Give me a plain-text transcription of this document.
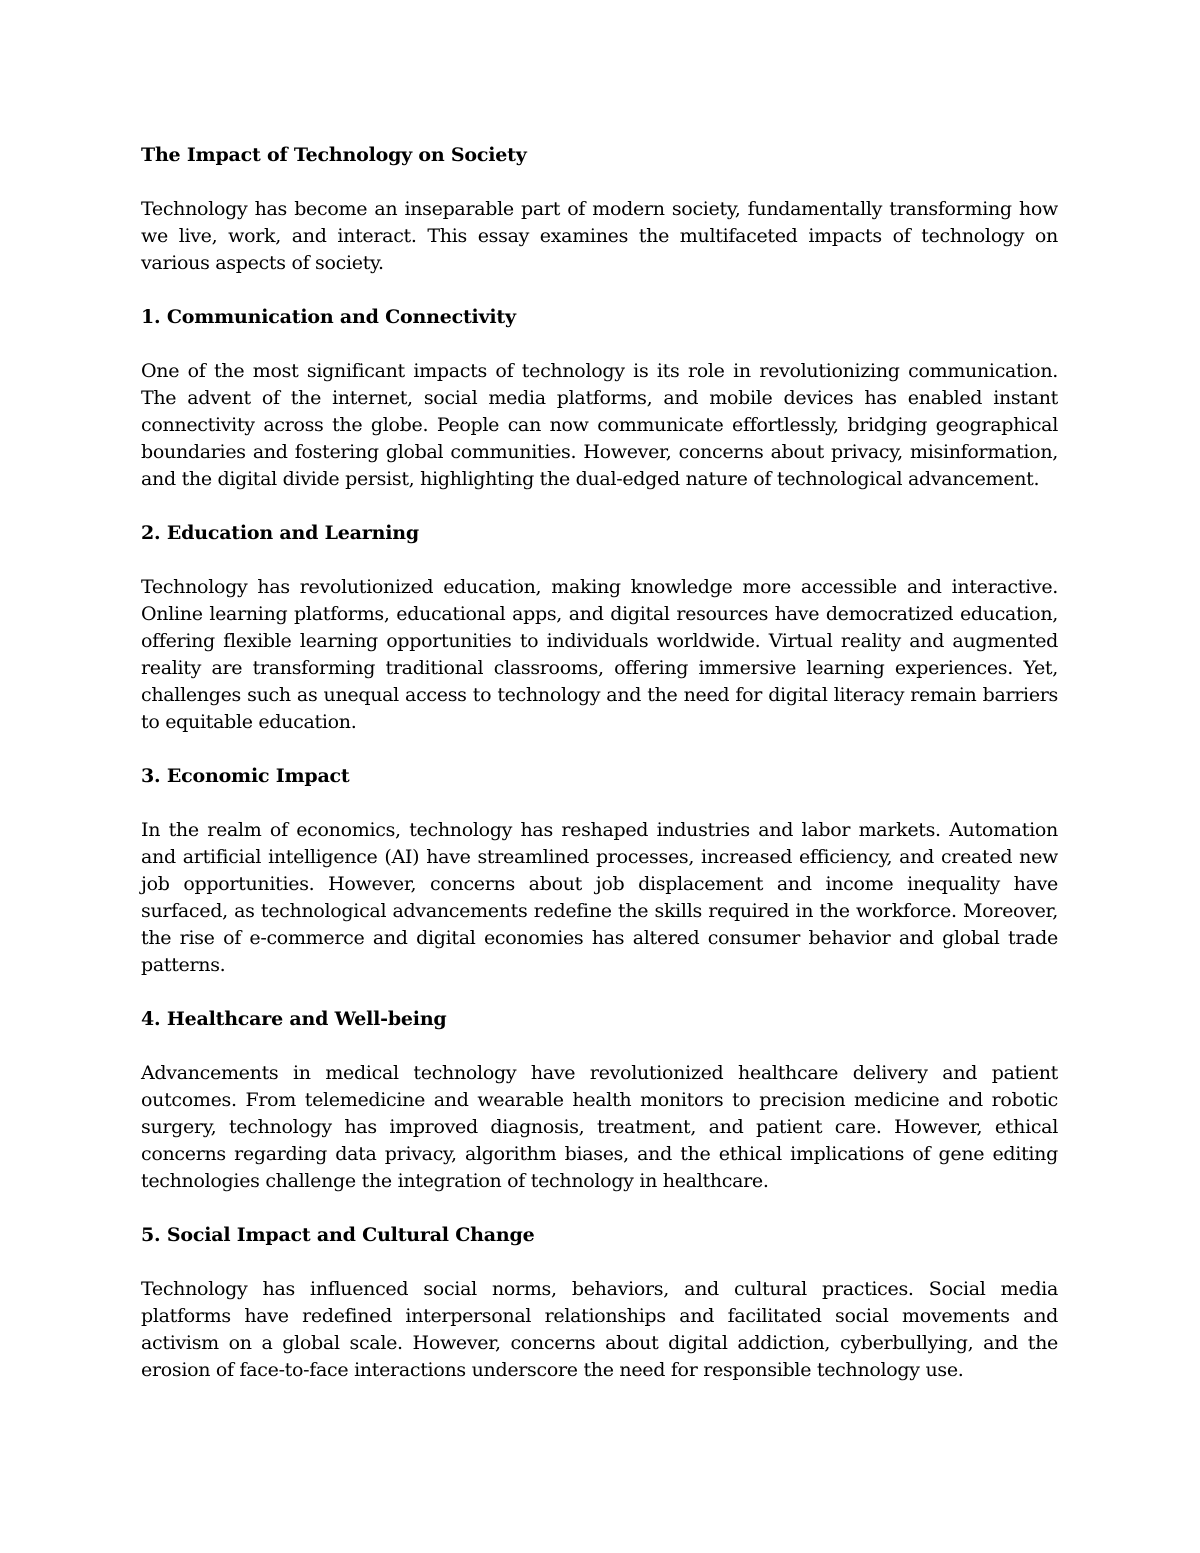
The Impact of Technology on Society

Technology has become an inseparable part of modern society, fundamentally transforming how we live, work, and interact. This essay examines the multifaceted impacts of technology on various aspects of society.

1. Communication and Connectivity

One of the most significant impacts of technology is its role in revolutionizing communication. The advent of the internet, social media platforms, and mobile devices has enabled instant connectivity across the globe. People can now communicate effortlessly, bridging geographical boundaries and fostering global communities. However, concerns about privacy, misinformation, and the digital divide persist, highlighting the dual-edged nature of technological advancement.

2. Education and Learning

Technology has revolutionized education, making knowledge more accessible and interactive. Online learning platforms, educational apps, and digital resources have democratized education, offering flexible learning opportunities to individuals worldwide. Virtual reality and augmented reality are transforming traditional classrooms, offering immersive learning experiences. Yet, challenges such as unequal access to technology and the need for digital literacy remain barriers to equitable education.

3. Economic Impact

In the realm of economics, technology has reshaped industries and labor markets. Automation and artificial intelligence (AI) have streamlined processes, increased efficiency, and created new job opportunities. However, concerns about job displacement and income inequality have surfaced, as technological advancements redefine the skills required in the workforce. Moreover, the rise of e-commerce and digital economies has altered consumer behavior and global trade patterns.

4. Healthcare and Well-being

Advancements in medical technology have revolutionized healthcare delivery and patient outcomes. From telemedicine and wearable health monitors to precision medicine and robotic surgery, technology has improved diagnosis, treatment, and patient care. However, ethical concerns regarding data privacy, algorithm biases, and the ethical implications of gene editing technologies challenge the integration of technology in healthcare.

5. Social Impact and Cultural Change

Technology has influenced social norms, behaviors, and cultural practices. Social media platforms have redefined interpersonal relationships and facilitated social movements and activism on a global scale. However, concerns about digital addiction, cyberbullying, and the erosion of face-to-face interactions underscore the need for responsible technology use.
